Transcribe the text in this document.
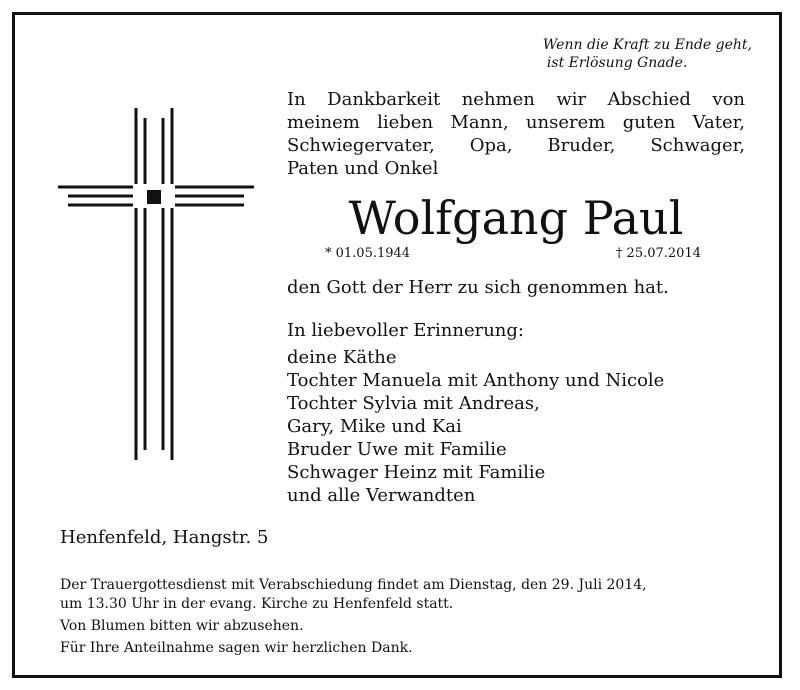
Wenn die Kraft zu Ende geht,
ist Erlösung Gnade.
In Dankbarkeit nehmen wir Abschied von
meinem lieben Mann, unserem guten Vater,
Schwiegervater, Opa, Bruder, Schwager,
Paten und Onkel
Wolfgang Paul
* 01.05.1944	† 25.07.2014
den Gott der Herr zu sich genommen hat.
In liebevoller Erinnerung:
deine Käthe
Tochter Manuela mit Anthony und Nicole
Tochter Sylvia mit Andreas,
Gary, Mike und Kai
Bruder Uwe mit Familie
Schwager Heinz mit Familie
und alle Verwandten
Henfenfeld, Hangstr. 5

Der Trauergottesdienst mit Verabschiedung findet am Dienstag, den 29. Juli 2014,

um 13.30 Uhr in der evang. Kirche zu Henfenfeld statt.

Von Blumen bitten wir abzusehen.

Für Ihre Anteilnahme sagen wir herzlichen Dank.
